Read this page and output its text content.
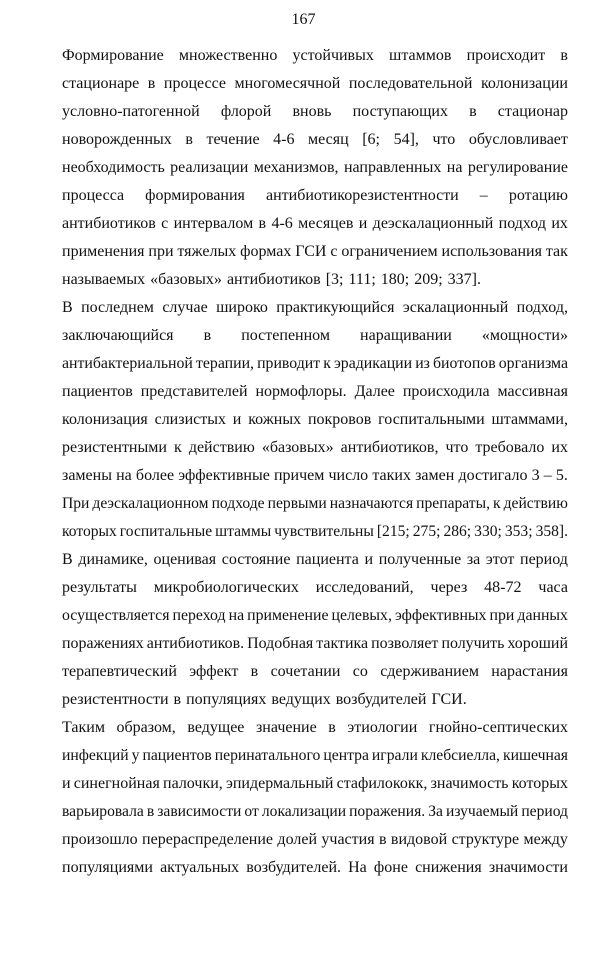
167
Формирование множественно устойчивых штаммов происходит в
стационаре в процессе многомесячной последовательной колонизации
условно-патогенной флорой вновь поступающих в стационар
новорожденных в течение 4-6 месяц [6; 54], что обусловливает
необходимость реализации механизмов, направленных на регулирование
процесса формирования антибиотикорезистентности – ротацию
антибиотиков с интервалом в 4-6 месяцев и деэскалационный подход их
применения при тяжелых формах ГСИ с ограничением использования так
называемых «базовых» антибиотиков [3; 111; 180; 209; 337].
В последнем случае широко практикующийся эскалационный подход,
заключающийся в постепенном наращивании «мощности»
антибактериальной терапии, приводит к эрадикации из биотопов организма
пациентов представителей нормофлоры. Далее происходила массивная
колонизация слизистых и кожных покровов госпитальными штаммами,
резистентными к действию «базовых» антибиотиков, что требовало их
замены на более эффективные причем число таких замен достигало 3 – 5.
При деэскалационном подходе первыми назначаются препараты, к действию
которых госпитальные штаммы чувствительны [215; 275; 286; 330; 353; 358].
В динамике, оценивая состояние пациента и полученные за этот период
результаты микробиологических исследований, через 48-72 часа
осуществляется переход на применение целевых, эффективных при данных
поражениях антибиотиков. Подобная тактика позволяет получить хороший
терапевтический эффект в сочетании со сдерживанием нарастания
резистентности в популяциях ведущих возбудителей ГСИ.
Таким образом, ведущее значение в этиологии гнойно-септических
инфекций у пациентов перинатального центра играли клебсиелла, кишечная
и синегнойная палочки, эпидермальный стафилококк, значимость которых
варьировала в зависимости от локализации поражения. За изучаемый период
произошло перераспределение долей участия в видовой структуре между
популяциями актуальных возбудителей. На фоне снижения значимости
